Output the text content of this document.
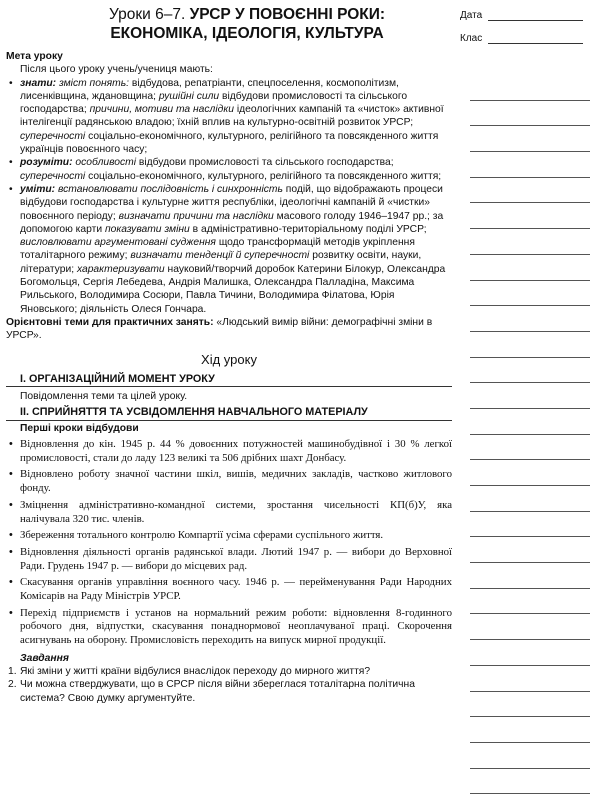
Уроки 6–7. УРСР У ПОВОЄННІ РОКИ:
ЕКОНОМІКА, ІДЕОЛОГІЯ, КУЛЬТУРА
Дата
Клас
Мета уроку
Після цього уроку учень/учениця мають:
• знати: зміст понять: відбудова, репатріанти, спецпоселення, космополітизм, лисенківщина, ждановщина; рушійні сили відбудови промисловості та сільського господарства; причини, мотиви та наслідки ідеологічних кампаній та «чисток» активної інтелігенції радянською владою; їхній вплив на культурно-освітній розвиток УРСР; суперечності соціально-економічного, культурного, релігійного та повсякденного життя українців повоєнного часу;
• розуміти: особливості відбудови промисловості та сільського господарства; суперечності соціально-економічного, культурного, релігійного та повсякденного життя;
• уміти: встановлювати послідовність і синхронність подій, що відображають процеси відбудови господарства і культурне життя республіки, ідеологічні кампаній й «чистки» повоєнного періоду; визначати причини та наслідки масового голоду 1946–1947 рр.; за допомогою карти показувати зміни в адміністративно-територіальному поділі УРСР; висловлювати аргументовані судження щодо трансформацій методів укріплення тоталітарного режиму; визначати тенденції й суперечності розвитку освіти, науки, літератури; характеризувати науковий/творчий доробок Катерини Білокур, Олександра Богомольця, Сергія Лебедева, Андрія Малишка, Олександра Палладіна, Максима Рильського, Володимира Сосюри, Павла Тичини, Володимира Філатова, Юрія Яновського; діяльність Олеся Гончара.
Орієнтовні теми для практичних занять: «Людський вимір війни: демографічні зміни в УРСР».
Хід уроку
І. ОРГАНІЗАЦІЙНИЙ МОМЕНТ УРОКУ
Повідомлення теми та цілей уроку.
ІІ. СПРИЙНЯТТЯ ТА УСВІДОМЛЕННЯ НАВЧАЛЬНОГО МАТЕРІАЛУ
Перші кроки відбудови
• Відновлення до кін. 1945 р. 44 % довоєнних потужностей машинобудівної і 30 % легкої промисловості, стали до ладу 123 великі та 506 дрібних шахт Донбасу.
• Відновлено роботу значної частини шкіл, вишів, медичних закладів, частково житлового фонду.
• Зміцнення адміністративно-командної системи, зростання чисельності КП(б)У, яка налічувала 320 тис. членів.
• Збереження тотального контролю Компартії усіма сферами суспільного життя.
• Відновлення діяльності органів радянської влади. Лютий 1947 р. — вибори до Верховної Ради. Грудень 1947 р. — вибори до місцевих рад.
• Скасування органів управління воєнного часу. 1946 р. — перейменування Ради Народних Комісарів на Раду Міністрів УРСР.
• Перехід підприємств і установ на нормальний режим роботи: відновлення 8-годинного робочого дня, відпустки, скасування понаднормової неоплачуваної праці. Скорочення асигнувань на оборону. Промисловість переходить на випуск мирної продукції.
Завдання
1. Які зміни у житті країни відбулися внаслідок переходу до мирного життя?
2. Чи можна стверджувати, що в СРСР після війни збереглася тоталітарна політична система? Свою думку аргументуйте.
